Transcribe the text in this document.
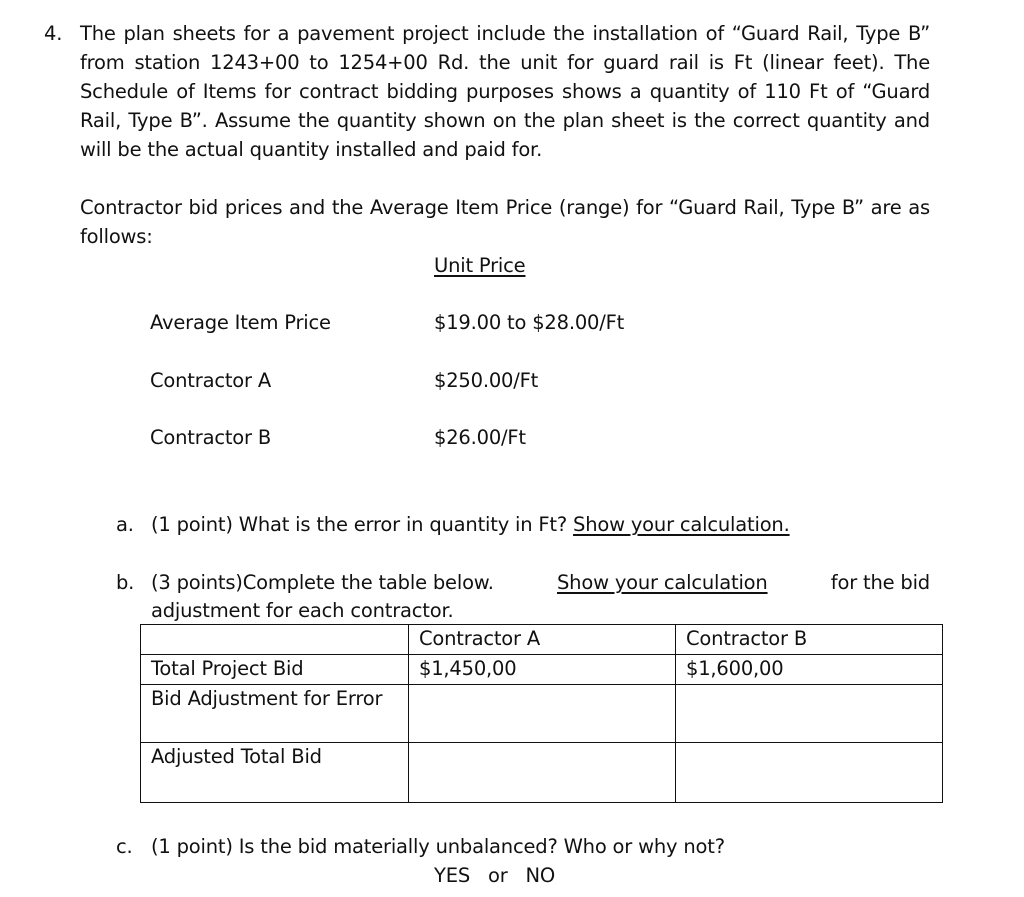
4. The plan sheets for a pavement project include the installation of “Guard Rail, Type B”
from station 1243+00 to 1254+00 Rd. the unit for guard rail is Ft (linear feet). The
Schedule of Items for contract bidding purposes shows a quantity of 110 Ft of “Guard
Rail, Type B”. Assume the quantity shown on the plan sheet is the correct quantity and
will be the actual quantity installed and paid for.
Contractor bid prices and the Average Item Price (range) for “Guard Rail, Type B” are as
follows:
Unit Price
Average Item Price	$19.00 to $28.00/Ft
Contractor A	$250.00/Ft
Contractor B	$26.00/Ft
a. (1 point) What is the error in quantity in Ft? Show your calculation.
b. (3 points)Complete the table below.	Show your calculation	for the bid
adjustment for each contractor.
	Contractor A	Contractor B
Total Project Bid	$1,450,00	$1,600,00
Bid Adjustment for Error		
Adjusted Total Bid		
c. (1 point) Is the bid materially unbalanced? Who or why not?
YES   or   NO
